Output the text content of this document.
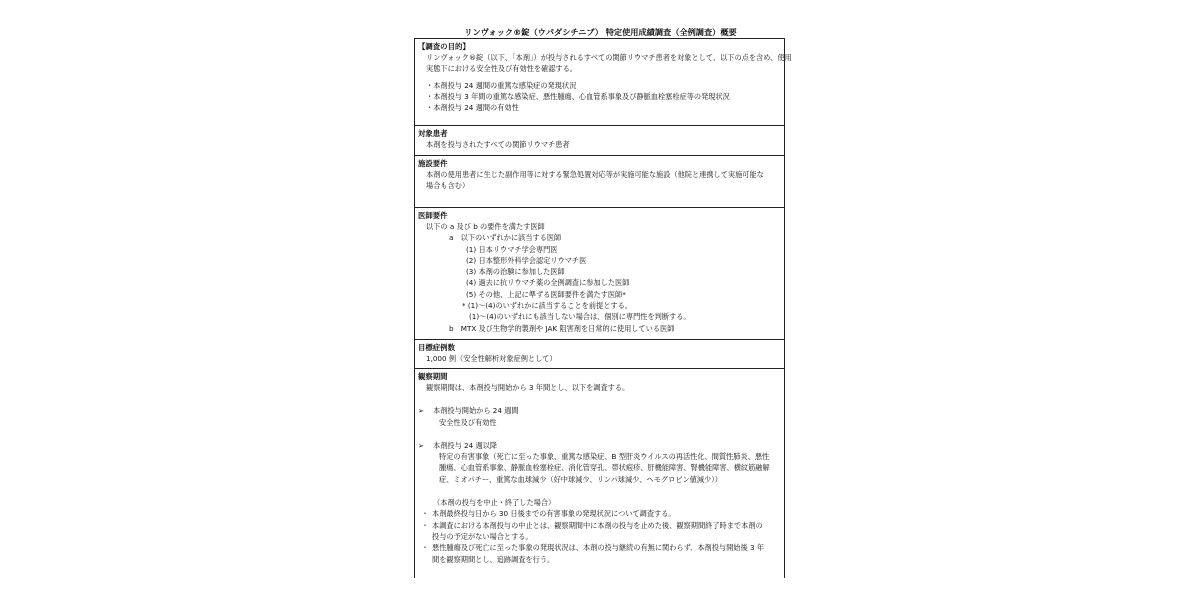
リンヴォック®錠（ウパダシチニブ） 特定使用成績調査（全例調査）概要
【調査の目的】
リンヴォック®錠（以下、「本剤」）が投与されるすべての関節リウマチ患者を対象として、以下の点を含め、使用
実態下における安全性及び有効性を確認する。
・本剤投与 24 週間の重篤な感染症の発現状況
・本剤投与 3 年間の重篤な感染症、悪性腫瘍、心血管系事象及び静脈血栓塞栓症等の発現状況
・本剤投与 24 週間の有効性
対象患者
本剤を投与されたすべての関節リウマチ患者
施設要件
本剤の使用患者に生じた副作用等に対する緊急処置対応等が実施可能な施設（他院と連携して実施可能な
場合も含む）
医師要件
以下の a 及び b の要件を満たす医師
a　以下のいずれかに該当する医師
(1) 日本リウマチ学会専門医
(2) 日本整形外科学会認定リウマチ医
(3) 本剤の治験に参加した医師
(4) 過去に抗リウマチ薬の全例調査に参加した医師
(5) その他、上記に準ずる医師要件を満たす医師*
* (1)～(4)のいずれかに該当することを前提とする。
(1)～(4)のいずれにも該当しない場合は、個別に専門性を判断する。
b　MTX 及び生物学的製剤や JAK 阻害剤を日常的に使用している医師
目標症例数
1,000 例（安全性解析対象症例として）
観察期間
観察期間は、本剤投与開始から 3 年間とし、以下を調査する。
➢ 本剤投与開始から 24 週間
安全性及び有効性
➢ 本剤投与 24 週以降
特定の有害事象（死亡に至った事象、重篤な感染症、B 型肝炎ウイルスの再活性化、間質性肺炎、悪性
腫瘍、心血管系事象、静脈血栓塞栓症、消化管穿孔、帯状疱疹、肝機能障害、腎機能障害、横紋筋融解
症、ミオパチー、重篤な血球減少（好中球減少、リンパ球減少、ヘモグロビン値減少））
（本剤の投与を中止・終了した場合）
・ 本剤最終投与日から 30 日後までの有害事象の発現状況について調査する。
・ 本調査における本剤投与の中止とは、観察期間中に本剤の投与を止めた後、観察期間終了時まで本剤の
投与の予定がない場合とする。
・ 悪性腫瘍及び死亡に至った事象の発現状況は、本剤の投与継続の有無に関わらず、本剤投与開始後 3 年
間を観察期間とし、追跡調査を行う。
